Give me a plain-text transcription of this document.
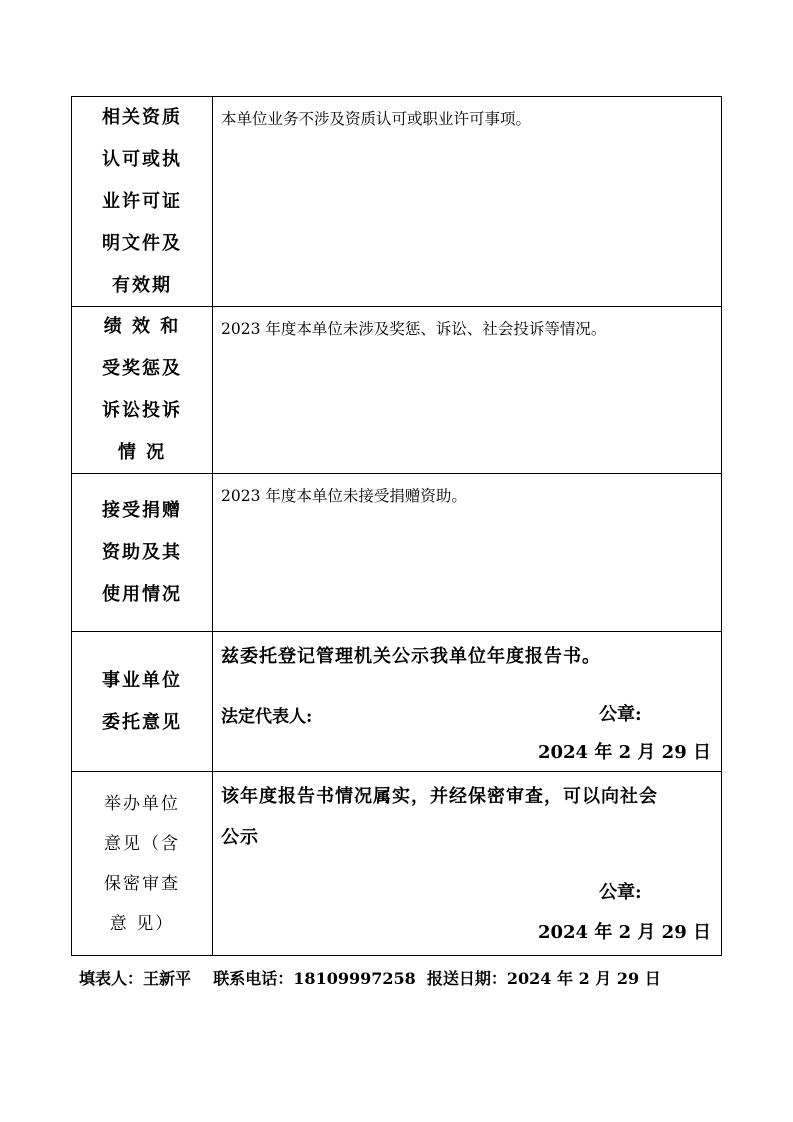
相关资质
认可或执
业许可证
明文件及
有效期
本单位业务不涉及资质认可或职业许可事项。
绩 效 和
受奖惩及
诉讼投诉
情 况
2023 年度本单位未涉及奖惩、诉讼、社会投诉等情况。
接受捐赠
资助及其
使用情况
2023 年度本单位未接受捐赠资助。
事业单位
委托意见
兹委托登记管理机关公示我单位年度报告书。
法定代表人:	公章:
2024 年 2 月 29 日
举办单位
意见（含
保密审查
意 见）
该年度报告书情况属实，并经保密审查，可以向社会
公示
公章:
2024 年 2 月 29 日
填表人：王新平 联系电话：18109997258 报送日期：2024 年 2 月 29 日
